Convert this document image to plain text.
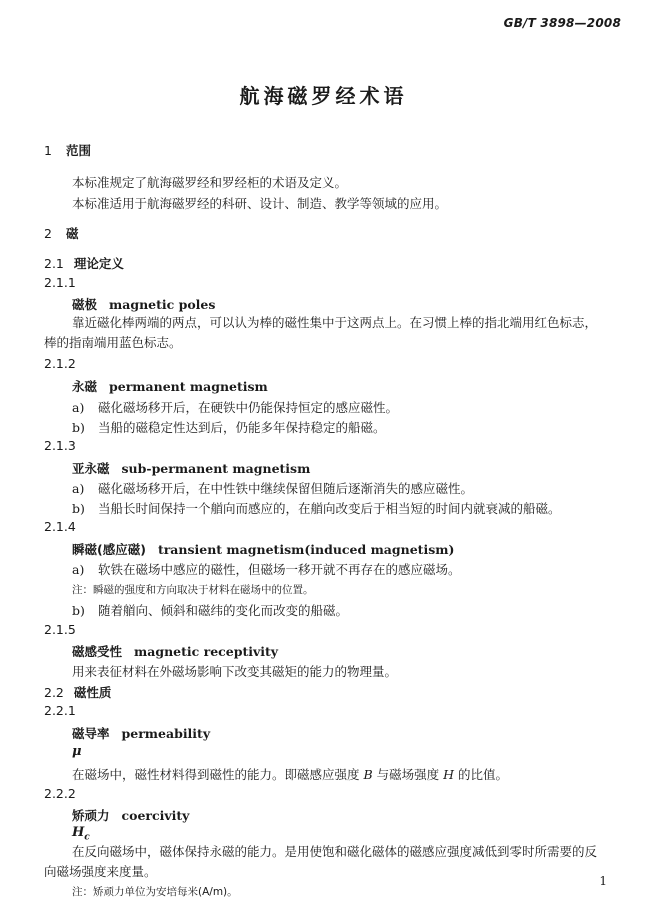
GB/T 3898—2008
航海磁罗经术语
1 范围
本标准规定了航海磁罗经和罗经柜的术语及定义。
本标准适用于航海磁罗经的科研、设计、制造、教学等领域的应用。
2 磁
2.1 理论定义
2.1.1
磁极 magnetic poles
靠近磁化棒两端的两点，可以认为棒的磁性集中于这两点上。在习惯上棒的指北端用红色标志，棒的指南端用蓝色标志。
2.1.2
永磁 permanent magnetism
a) 磁化磁场移开后，在硬铁中仍能保持恒定的感应磁性。
b) 当船的磁稳定性达到后，仍能多年保持稳定的船磁。
2.1.3
亚永磁 sub-permanent magnetism
a) 磁化磁场移开后，在中性铁中继续保留但随后逐渐消失的感应磁性。
b) 当船长时间保持一个艏向而感应的，在艏向改变后于相当短的时间内就衰减的船磁。
2.1.4
瞬磁(感应磁) transient magnetism(induced magnetism)
a) 软铁在磁场中感应的磁性，但磁场一移开就不再存在的感应磁场。
注：瞬磁的强度和方向取决于材料在磁场中的位置。
b) 随着艏向、倾斜和磁纬的变化而改变的船磁。
2.1.5
磁感受性 magnetic receptivity
用来表征材料在外磁场影响下改变其磁矩的能力的物理量。
2.2 磁性质
2.2.1
磁导率 permeability
μ
在磁场中，磁性材料得到磁性的能力。即磁感应强度 B 与磁场强度 H 的比值。
2.2.2
矫顽力 coercivity
$H_c$
在反向磁场中，磁体保持永磁的能力。是用使饱和磁化磁体的磁感应强度减低到零时所需要的反向磁场强度来度量。
注：矫顽力单位为安培每米(A/m)。
1
